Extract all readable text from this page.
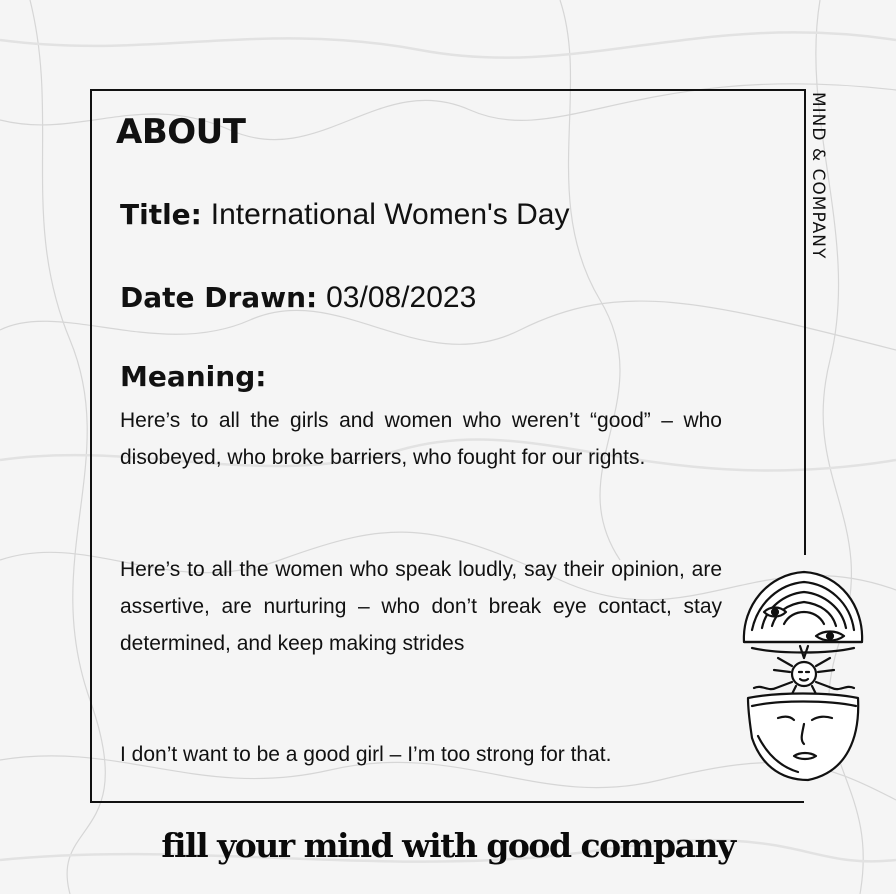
MIND & COMPANY
ABOUT
Title: International Women's Day
Date Drawn: 03/08/2023
Meaning:

Here’s to all the girls and women who weren’t “good” – who disobeyed, who broke barriers, who fought for our rights.

Here’s to all the women who speak loudly, say their opinion, are assertive, are nurturing – who don’t break eye contact, stay determined, and keep making strides

I don’t want to be a good girl – I’m too strong for that.

fill your mind with good company
